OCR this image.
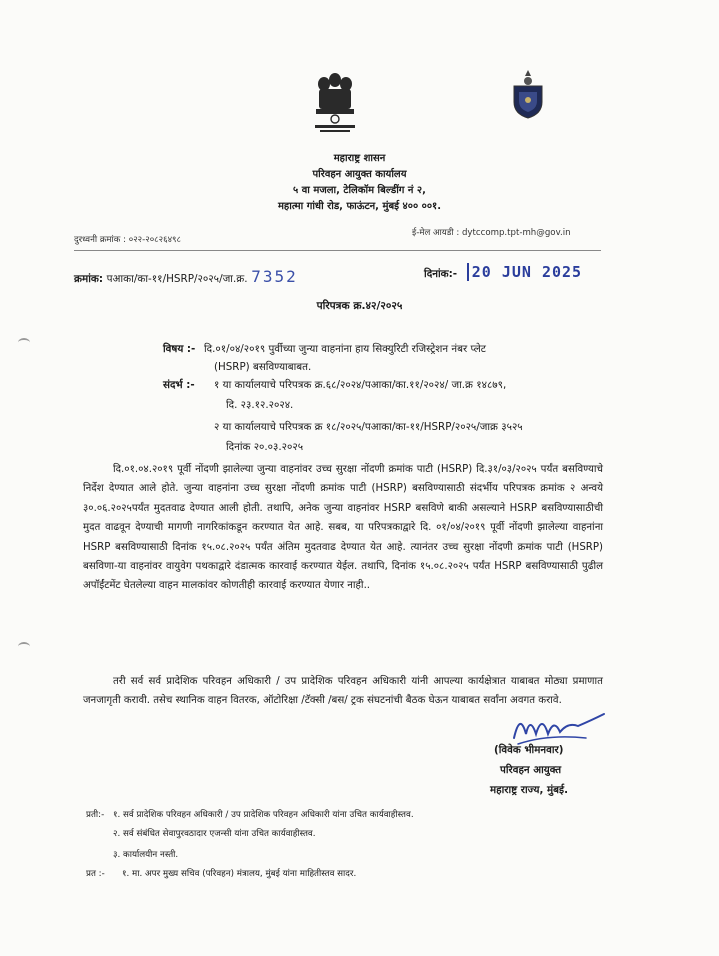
महाराष्ट्र शासन
परिवहन आयुक्त कार्यालय
५ वा मजला, टेलिकॉम बिल्डींग नं २,
महात्मा गांधी रोड, फाऊंटन, मुंबई ४०० ००१.
दुरध्वनी क्रमांक : ०२२-२०८२६४९८
ई-मेल आयडी : dytccomp.tpt-mh@gov.in
क्रमांक: पआका/का-११/HSRP/२०२५/जा.क्र. 7352	दिनांक:- 20 JUN 2025
परिपत्रक क्र.४२/२०२५
विषय :- दि.०१/०४/२०१९ पुर्वीच्या जुन्या वाहनांना हाय सिक्युरिटी रजिस्ट्रेशन नंबर प्लेट
(HSRP) बसविण्याबाबत.
संदर्भ :- १ या कार्यालयाचे परिपत्रक क्र.६८/२०२४/पआका/का.११/२०२४/ जा.क्र १४८७९,
दि. २३.१२.२०२४.
२ या कार्यालयाचे परिपत्रक क्र १८/२०२५/पआका/का-११/HSRP/२०२५/जाक्र ३५२५
दिनांक २०.०३.२०२५

दि.०१.०४.२०१९ पूर्वी नोंदणी झालेल्या जुन्या वाहनांवर उच्च सुरक्षा नोंदणी क्रमांक पाटी (HSRP) दि.३१/०३/२०२५ पर्यंत बसविण्याचे निर्देश देण्यात आले होते. जुन्या वाहनांना उच्च सुरक्षा नोंदणी क्रमांक पाटी (HSRP) बसविण्यासाठी संदर्भीय परिपत्रक क्रमांक २ अन्वये ३०.०६.२०२५पर्यंत मुदतवाढ देण्यात आली होती. तथापि, अनेक जुन्या वाहनांवर HSRP बसविणे बाकी असल्याने HSRP बसविण्यासाठीची मुदत वाढवून देण्याची मागणी नागरिकांकडून करण्यात येत आहे. सबब, या परिपत्रकाद्वारे दि. ०१/०४/२०१९ पूर्वी नोंदणी झालेल्या वाहनांना HSRP बसविण्यासाठी दिनांक १५.०८.२०२५ पर्यंत अंतिम मुदतवाढ देण्यात येत आहे. त्यानंतर उच्च सुरक्षा नोंदणी क्रमांक पाटी (HSRP) बसविणा-या वाहनांवर वायुवेग पथकाद्वारे दंडात्मक कारवाई करण्यात येईल. तथापि, दिनांक १५.०८.२०२५ पर्यंत HSRP बसविण्यासाठी पुढील अपॉईंटमेंट घेतलेल्या वाहन मालकांवर कोणतीही कारवाई करण्यात येणार नाही..

तरी सर्व सर्व प्रादेशिक परिवहन अधिकारी / उप प्रादेशिक परिवहन अधिकारी यांनी आपल्या कार्यक्षेत्रात याबाबत मोठ्या प्रमाणात जनजागृती करावी. तसेच स्थानिक वाहन वितरक, ऑटोरिक्षा /टॅक्सी /बस/ ट्रक संघटनांची बैठक घेऊन याबाबत सर्वांना अवगत करावे.

(विवेक भीमनवार)
परिवहन आयुक्त
महाराष्ट्र राज्य, मुंबई.
प्रती:- १. सर्व प्रादेशिक परिवहन अधिकारी / उप प्रादेशिक परिवहन अधिकारी यांना उचित कार्यवाहीस्तव.
२. सर्व संबंधित सेवापुरवठादार एजन्सी यांना उचित कार्यवाहीस्तव.
३. कार्यालयीन नस्ती.
प्रत :- १. मा. अपर मुख्य सचिव (परिवहन) मंत्रालय, मुंबई यांना माहितीस्तव सादर.
